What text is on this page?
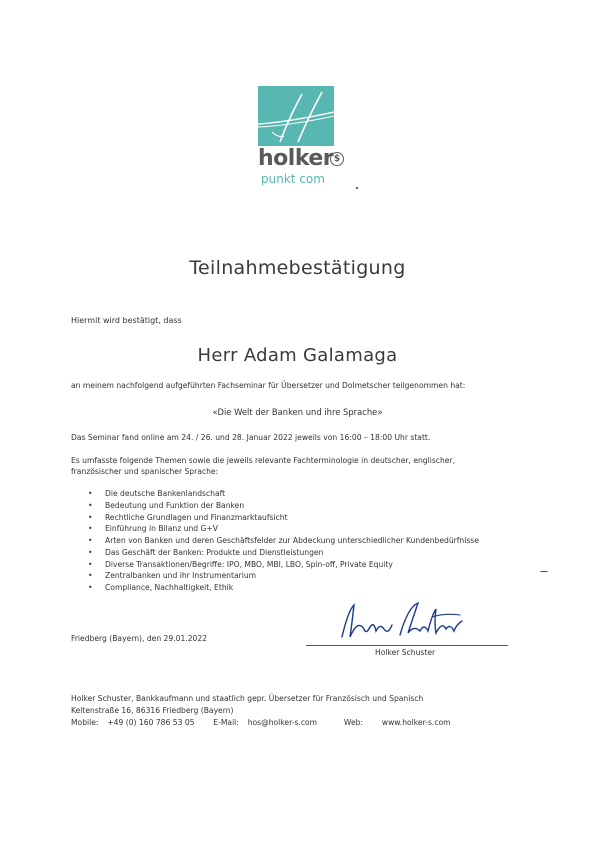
holker $
punkt com
Teilnahmebestätigung
Hiermit wird bestätigt, dass
Herr Adam Galamaga
an meinem nachfolgend aufgeführten Fachseminar für Übersetzer und Dolmetscher teilgenommen hat:
«Die Welt der Banken und ihre Sprache»
Das Seminar fand online am 24. / 26. und 28. Januar 2022 jeweils von 16:00 – 18:00 Uhr statt.
Es umfasste folgende Themen sowie die jeweils relevante Fachterminologie in deutscher, englischer,
französischer und spanischer Sprache:
• Die deutsche Bankenlandschaft
• Bedeutung und Funktion der Banken
• Rechtliche Grundlagen und Finanzmarktaufsicht
• Einführung in Bilanz und G+V
• Arten von Banken und deren Geschäftsfelder zur Abdeckung unterschiedlicher Kundenbedürfnisse
• Das Geschäft der Banken: Produkte und Dienstleistungen
• Diverse Transaktionen/Begriffe: IPO, MBO, MBI, LBO, Spin-off, Private Equity
• Zentralbanken und ihr Instrumentarium
• Compliance, Nachhaltigkeit, Ethik
Friedberg (Bayern), den 29.01.2022
Holker Schuster
Holker Schuster, Bankkaufmann und staatlich gepr. Übersetzer für Französisch und Spanisch
Keltenstraße 16, 86316 Friedberg (Bayern)
Mobile: +49 (0) 160 786 53 05 E-Mail: hos@holker-s.com	Web: www.holker-s.com
